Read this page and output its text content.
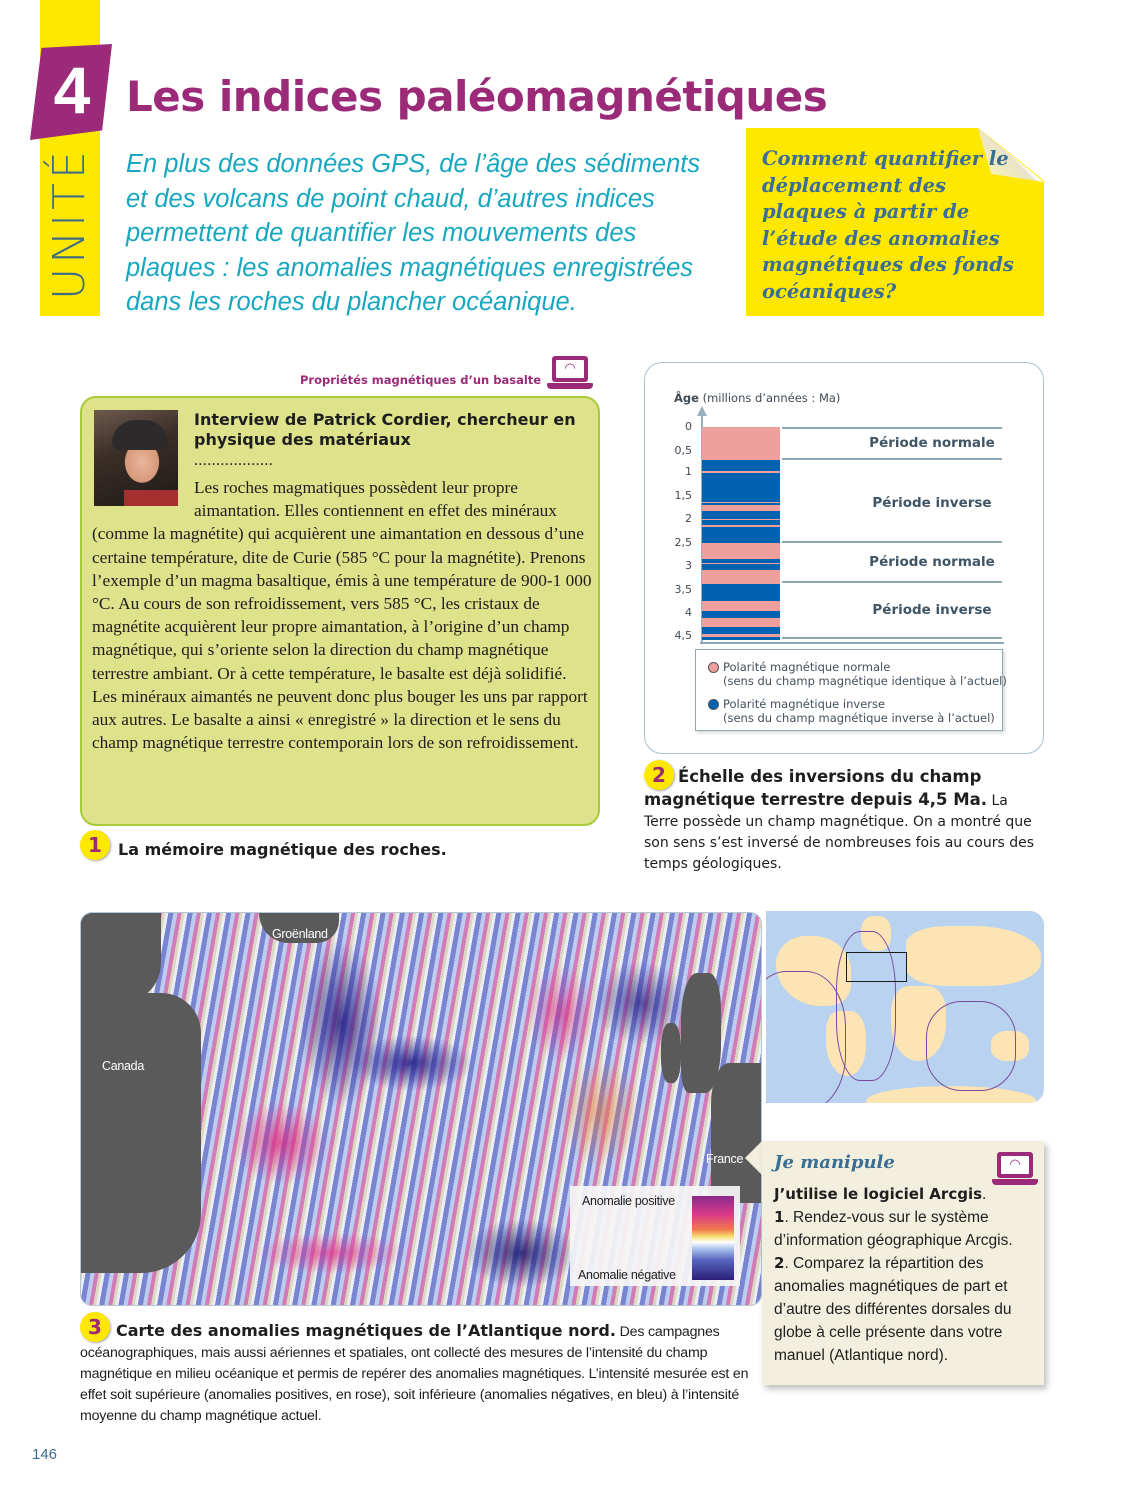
4
UNITÉ
Les indices paléomagnétiques

En plus des données GPS, de l’âge des sédiments et des volcans de point chaud, d’autres indices permettent de quantifier les mouvements des plaques : les anomalies magnétiques enregistrées dans les roches du plancher océanique.

Comment quantifier le déplacement des plaques à partir de l’étude des anomalies magnétiques des fonds océaniques?

Propriétés magnétiques d’un basalte
◠
Interview de Patrick Cordier, chercheur en physique des matériaux
..................
Les roches magmatiques possèdent leur propre aimantation. Elles contiennent en effet des minéraux (comme la magnétite) qui acquièrent une aimantation en dessous d’une certaine température, dite de Curie (585 °C pour la magnétite). Prenons l’exemple d’un magma basaltique, émis à une température de 900-1 000 °C. Au cours de son refroidissement, vers 585 °C, les cristaux de magnétite acquièrent leur propre aimantation, à l’origine d’un champ magnétique, qui s’oriente selon la direction du champ magnétique terrestre ambiant. Or à cette température, le basalte est déjà solidifié. Les minéraux aimantés ne peuvent donc plus bouger les uns par rapport aux autres. Le basalte a ainsi « enregistré » la direction et le sens du champ magnétique terrestre contemporain lors de son refroidissement.
1	La mémoire magnétique des roches.
Âge (millions d’années : Ma)
0
0,5
1
1,5
2
2,5
3
3,5
4
4,5
Période normale
Période inverse
Période normale
Période inverse
Polarité magnétique normale
(sens du champ magnétique identique à l’actuel)
Polarité magnétique inverse
(sens du champ magnétique inverse à l’actuel)
2 Échelle des inversions du champ magnétique terrestre depuis 4,5 Ma. La Terre possède un champ magnétique. On a montré que son sens s’est inversé de nombreuses fois au cours des temps géologiques.

Groënland
Canada
France
Anomalie positive
Anomalie négative
3 Carte des anomalies magnétiques de l’Atlantique nord. Des campagnes océanographiques, mais aussi aériennes et spatiales, ont collecté des mesures de l’intensité du champ magnétique en milieu océanique et permis de repérer des anomalies magnétiques. L’intensité mesurée est en effet soit supérieure (anomalies positives, en rose), soit inférieure (anomalies négatives, en bleu) à l’intensité moyenne du champ magnétique actuel.

Je manipule	◠

J’utilise le logiciel Arcgis.

1. Rendez-vous sur le système d’information géographique Arcgis.

2. Comparez la répartition des anomalies magnétiques de part et d’autre des différentes dorsales du globe à celle présente dans votre manuel (Atlantique nord).

146
